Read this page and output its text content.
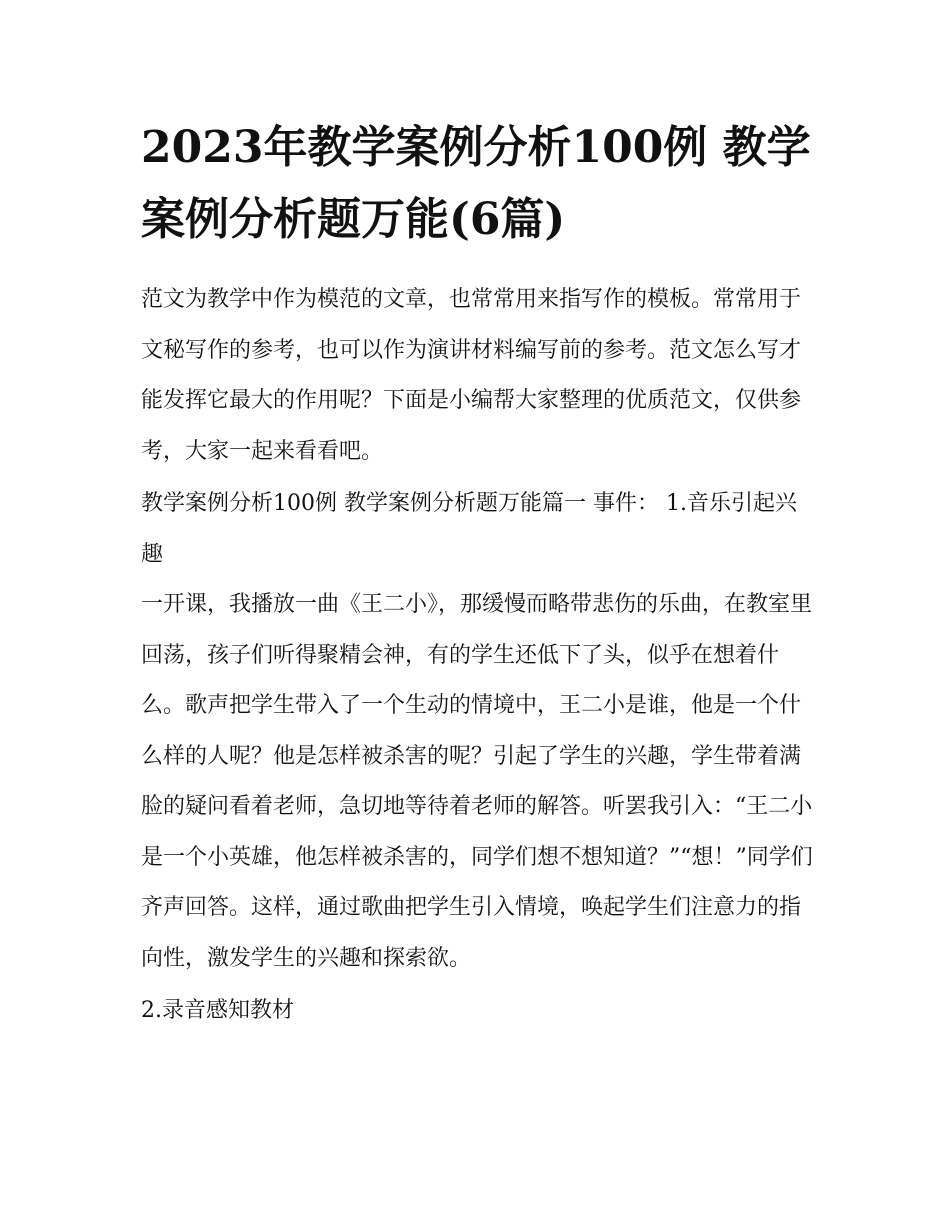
2023年教学案例分析100例 教学案例分析题万能(6篇)

范文为教学中作为模范的文章，也常常用来指写作的模板。常常用于文秘写作的参考，也可以作为演讲材料编写前的参考。范文怎么写才能发挥它最大的作用呢？下面是小编帮大家整理的优质范文，仅供参考，大家一起来看看吧。

教学案例分析100例 教学案例分析题万能篇一 事件： 1.音乐引起兴趣

一开课，我播放一曲《王二小》，那缓慢而略带悲伤的乐曲，在教室里回荡，孩子们听得聚精会神，有的学生还低下了头，似乎在想着什么。歌声把学生带入了一个生动的情境中，王二小是谁，他是一个什么样的人呢？他是怎样被杀害的呢？引起了学生的兴趣，学生带着满脸的疑问看着老师，急切地等待着老师的解答。听罢我引入：“王二小是一个小英雄，他怎样被杀害的，同学们想不想知道？”“想！”同学们齐声回答。这样，通过歌曲把学生引入情境，唤起学生们注意力的指向性，激发学生的兴趣和探索欲。

2.录音感知教材
